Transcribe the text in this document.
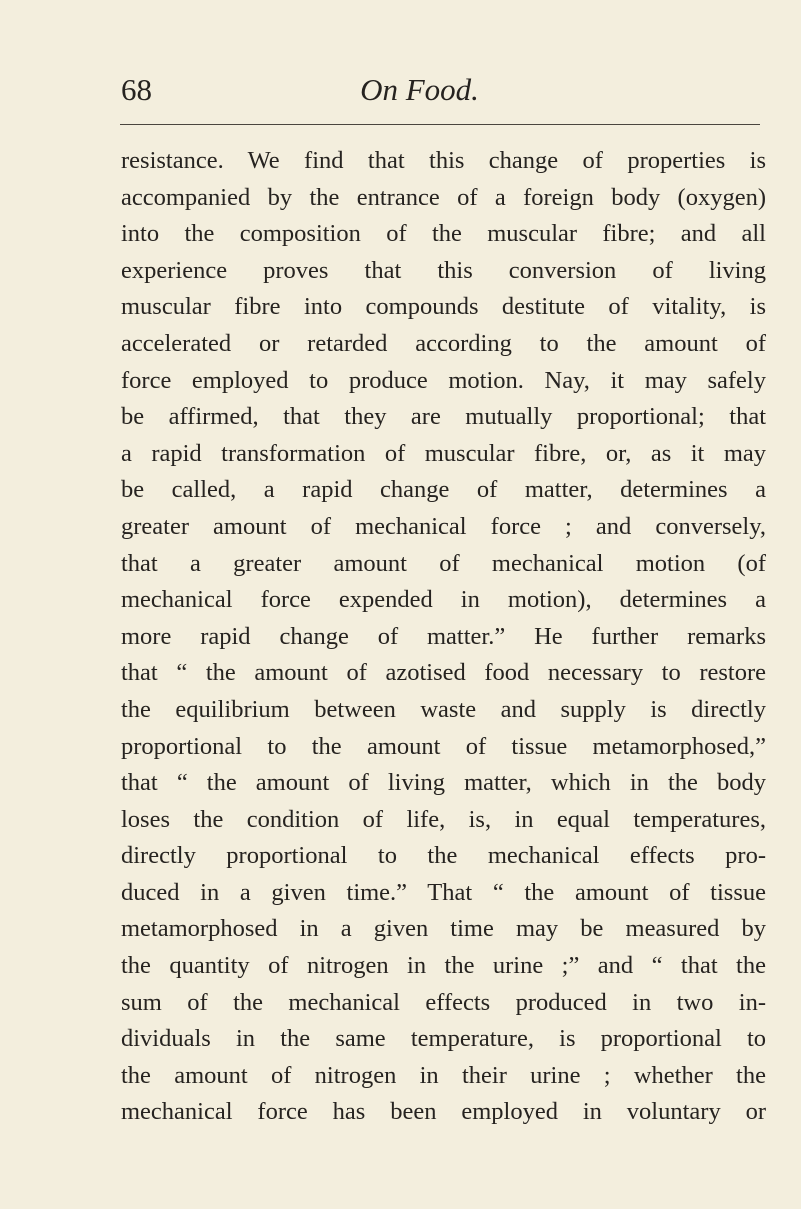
68	On Food.
resistance. We find that this change of properties is
accompanied by the entrance of a foreign body (oxygen)
into the composition of the muscular fibre; and all
experience proves that this conversion of living
muscular fibre into compounds destitute of vitality, is
accelerated or retarded according to the amount of
force employed to produce motion. Nay, it may safely
be affirmed, that they are mutually proportional; that
a rapid transformation of muscular fibre, or, as it may
be called, a rapid change of matter, determines a
greater amount of mechanical force ; and conversely,
that a greater amount of mechanical motion (of
mechanical force expended in motion), determines a
more rapid change of matter.” He further remarks
that “ the amount of azotised food necessary to restore
the equilibrium between waste and supply is directly
proportional to the amount of tissue metamorphosed,”
that “ the amount of living matter, which in the body
loses the condition of life, is, in equal temperatures,
directly proportional to the mechanical effects pro-
duced in a given time.” That “ the amount of tissue
metamorphosed in a given time may be measured by
the quantity of nitrogen in the urine ;” and “ that the
sum of the mechanical effects produced in two in-
dividuals in the same temperature, is proportional to
the amount of nitrogen in their urine ; whether the
mechanical force has been employed in voluntary or
